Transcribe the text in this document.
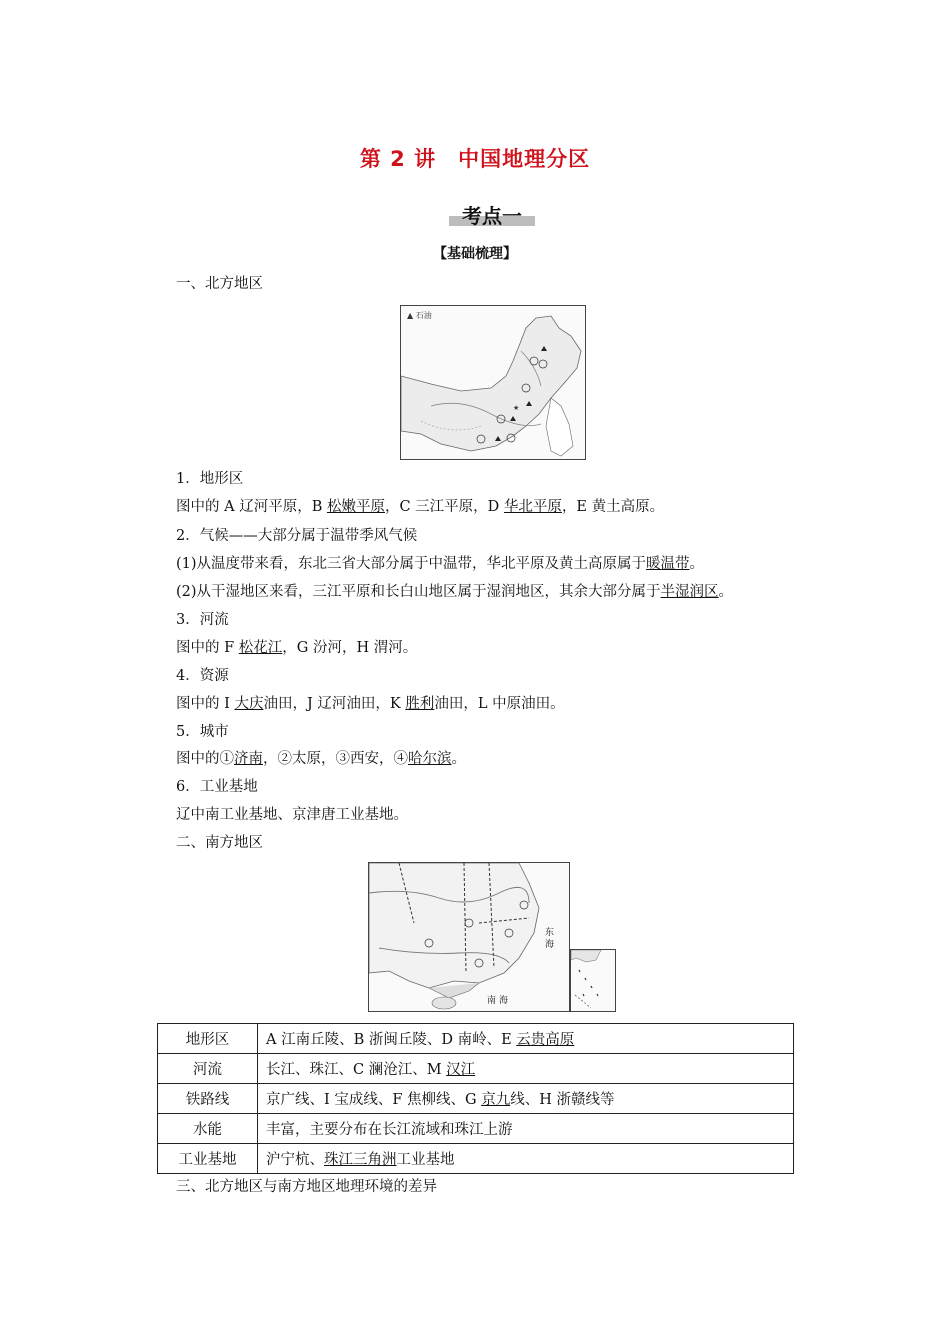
第 2 讲　中国地理分区
考点一
【基础梳理】
一、北方地区
★
▲ 石油
1．地形区
图中的 A 辽河平原，B 松嫩平原，C 三江平原，D 华北平原，E 黄土高原。
2．气候——大部分属于温带季风气候
(1)从温度带来看，东北三省大部分属于中温带，华北平原及黄土高原属于暖温带。
(2)从干湿地区来看，三江平原和长白山地区属于湿润地区，其余大部分属于半湿润区。
3．河流
图中的 F 松花江，G 汾河，H 渭河。
4．资源
图中的 I 大庆油田，J 辽河油田，K 胜利油田，L 中原油田。
5．城市
图中的①济南，②太原，③西安，④哈尔滨。
6．工业基地
辽中南工业基地、京津唐工业基地。
二、南方地区
东
海
南 海
地形区	A 江南丘陵、B 浙闽丘陵、D 南岭、E 云贵高原
河流	长江、珠江、C 澜沧江、M 汉江
铁路线	京广线、I 宝成线、F 焦柳线、G 京九线、H 浙赣线等
水能	丰富，主要分布在长江流域和珠江上游
工业基地	沪宁杭、珠江三角洲工业基地
三、北方地区与南方地区地理环境的差异
